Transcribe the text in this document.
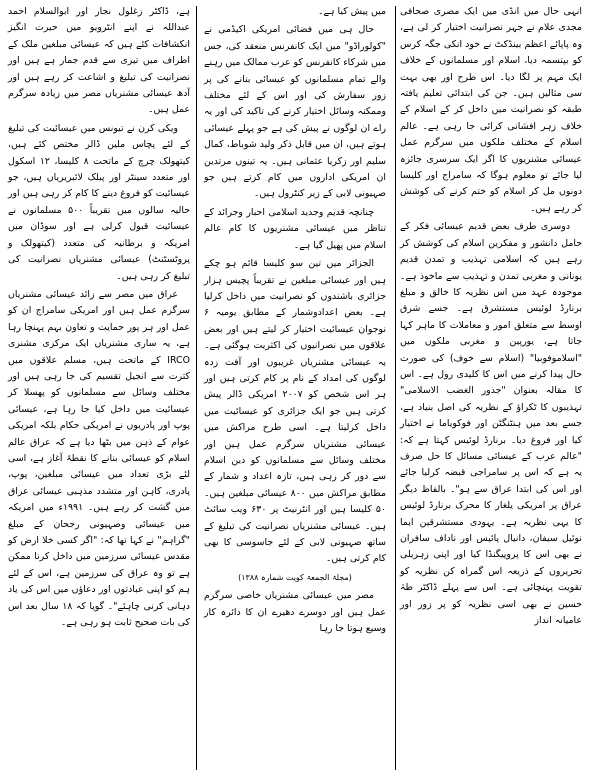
انہی حال میں انڈی میں ایک مصری صحافی مجدی علام نے جہر نصرانیت اختیار کر لی ہے، وہ پاپائے اعظم بینڈکٹ نے خود انکی جگہ کرس کو بپتسمہ دیا، اسلام اور مسلمانوں کے خلاف ایک مہم پر لگا دیا۔ اس طرح اور بھی بہت سی مثالیں ہیں۔ جن کی ابتدائی تعلیم یافتہ طبقہ کو نصرانیت میں داخل کر کے اسلام کے خلاف زہر افشانی کرائی جا رہی ہے۔ عالم اسلام کے مختلف ملکوں میں سرگرم عمل عیسائی مشنریوں کا اگر ایک سرسری جائزہ لیا جائے تو معلوم ہوگا کہ سامراج اور کلیسا دونوں مل کر اسلام کو ختم کرنے کی کوشش کر رہے ہیں۔

دوسری طرف بعض قدیم عیسائی فکر کے حامل دانشور و مفکرین اسلام کی کوشش کر رہے ہیں کہ اسلامی تہذیب و تمدن قدیم یونانی و مغربی تمدن و تہذیب سے ماخوذ ہے۔ موجودہ عہد میں اس نظریہ کا خالق و مبلغ برنارڈ لوئیس مستشرق ہے۔ جسے شرق اوسط سے متعلق امور و معاملات کا ماہر کہا جاتا ہے، یورپین و مغربی ملکوں میں "اسلاموفوبیا" (اسلام سے خوف) کی صورت حال پیدا کرنے میں اس کا کلیدی رول ہے۔ اس کا مقالہ بعنوان "جذور الغضب الاسلامی" تہذیبوں کا ٹکراؤ کے نظریہ کی اصل بنیاد ہے، جسے بعد میں ہنٹنگٹن اور فوکویاما نے اختیار کیا اور فروغ دیا۔ برنارڈ لوئیس کہتا ہے کہ: "عالم عرب کے عیسائی مسائل کا حل صرف یہ ہے کہ اس پر سامراجی قبضہ کرلیا جائے اور اس کی ابتدا عراق سے ہو"۔ بالفاظ دیگر عراق پر امریکی یلغار کا محرک برنارڈ لوئیس کا یہی نظریہ ہے۔ یہودی مستشرقین ایما نوئیل سیفان، دانیال پائیس اور ناداف سافران نے بھی اس کا پروپیگنڈا کیا اور اپنی زہریلی تحریروں کے ذریعہ اس گمراہ کن نظریہ کو تقویت پہنچائی ہے۔ اس سے پہلے ڈاکٹر طہٰ حسین نے بھی اسی نظریہ کو پر زور اور عامیانہ انداز

میں پیش کیا ہے۔

حال ہی میں فضائی امریکی اکیڈمی نے "کولوراڈو" میں ایک کانفرنس منعقد کی، جس میں شرکاء کانفرنس کو عرب ممالک میں رہنے والے تمام مسلمانوں کو عیسائی بنانے کی پر زور سفارش کی اور اس کے لئے مختلف وممکنہ وسائل اختیار کرنے کی تاکید کی اور یہ راے ان لوگوں نے پیش کی ہے جو پہلے عیسائی ہوتے ہیں، ان میں قابل ذکر ولید شوباط، کمال سلیم اور زکریا عثمانی ہیں۔ یہ تینوں مرتدین ان امریکی اداروں میں کام کرتے ہیں جو صہیونی لابی کے زیر کنٹرول ہیں۔

چنانچہ قدیم وجدید اسلامی احبار وجرائد کے تناظر میں عیسائی مشنریوں کا کام عالم اسلام میں پھیل گیا ہے۔

الجزائر میں تین سو کلیسا قائم ہو چکے ہیں اور عیسائی مبلغین نے تقریباً پچیس ہزار جزائری باشندوں کو نصرانیت میں داخل کرلیا ہے۔ بعض اعدادوشمار کے مطابق یومیہ ۶ نوجوان عیسائیت اختیار کر لیتے ہیں اور بعض علاقوں میں نصرانیوں کی اکثریت ہوگئی ہے۔ یہ عیسائی مشنریاں غریبوں اور آفت زدہ لوگوں کی امداد کے نام پر کام کرتی ہیں اور ہر اس شخص کو ۲۰۰۷ امریکی ڈالر پیش کرتی ہیں جو ایک جزائری کو عیسائیت میں داخل کرلیتا ہے۔ اسی طرح مراکش میں عیسائی مشنریاں سرگرم عمل ہیں اور مختلف وسائل سے مسلمانوں کو دین اسلام سے دور کر رہی ہیں، تازہ اعداد و شمار کے مطابق مراکش میں ۸۰۰ عیسائی مبلغین ہیں۔ ۵۰ کلیسا ہیں اور انٹرنیٹ پر ۶۳۰ ویب سائٹ ہیں۔ عیسائی مشنریاں نصرانیت کی تبلیغ کے ساتھ صہیونی لابی کے لئے جاسوسی کا بھی کام کرتی ہیں۔

(مجلۃ الجمعۃ کویت شمارہ ۱۳۸۸)

مصر میں عیسائی مشنریاں خاصی سرگرم عمل ہیں اور دوسرے دھیرے ان کا دائرہ کار وسیع ہوتا جا رہا

ہے، ڈاکٹر زغلول نجار اور ابوالسلام احمد عبداللہ نے اپنے انٹرویو میں حیرت انگیز انکشافات کئے ہیں کہ عیسائی مبلغین ملک کے اطراف میں تیزی سے قدم جمار ہے ہیں اور نصرانیت کی تبلیغ و اشاعت کر رہے ہیں اور آدھ عیسائی مشنریاں مصر میں زیادہ سرگرم عمل ہیں۔

ویکی کرن نے تیونس میں عیسائیت کی تبلیغ کے لئے پچاس ملین ڈالر مختص کئے ہیں، کیتھولک چرچ کے ماتحت ۸ کلیسا، ۱۲ اسکول اور متعدد سینٹر اور پبلک لائبریریاں ہیں، جو عیسائیت کو فروغ دینے کا کام کر رہی ہیں اور حالیہ سالوں میں تقریباً ۵۰۰ مسلمانوں نے عیسائیت قبول کرلی ہے اور سوڈان میں امریکہ و برطانیہ کی متعدد (کیتھولک و پروٹسٹنٹ) عیسائی مشنریاں نصرانیت کی تبلیغ کر رہی ہیں۔

عراق میں مصر سے زائد عیسائی مشنریاں سرگرم عمل ہیں اور امریکی سامراج ان کو عمل اور ہر پور حمایت و تعاون بہم پہنچا رہا ہے، یہ ساری مشنریاں ایک مرکزی مشنری IRCO کے ماتحت ہیں، مسلم علاقوں میں کثرت سے انجیل تقسیم کی جا رہی ہیں اور مختلف وسائل سے مسلمانوں کو پھسلا کر عیسائیت میں داخل کیا جا رہا ہے، عیسائی پوپ اور پادریوں نے امریکی حکام بلکہ امریکی عوام کے ذہن میں بٹھا دیا ہے کہ عراق عالم اسلام کو عیسائی بنانے کا نقطۂ آغاز ہے، اسی لئے بڑی تعداد میں عیسائی مبلغین، پوپ، پادری، کاہن اور متشدد مذہبی عیسائی عراق میں گشت کر رہے ہیں۔ ۱۹۹۱ء میں امریکہ میں عیسائی وصہیونی رجحان کے مبلغ "گراہم" نے کہا تھا کہ: "اگر کسی خلا ارض کو مقدس عیسائی سرزمین میں داخل کرنا ممکن ہے تو وہ عراق کی سرزمین ہے، اس کے لئے ہم کو اپنی عبادتوں اور دعاؤں میں اس کی یاد دہانی کرنی چاہئے"۔ گویا کہ ۱۸ سال بعد اس کی بات صحیح ثابت ہو رہی ہے۔
